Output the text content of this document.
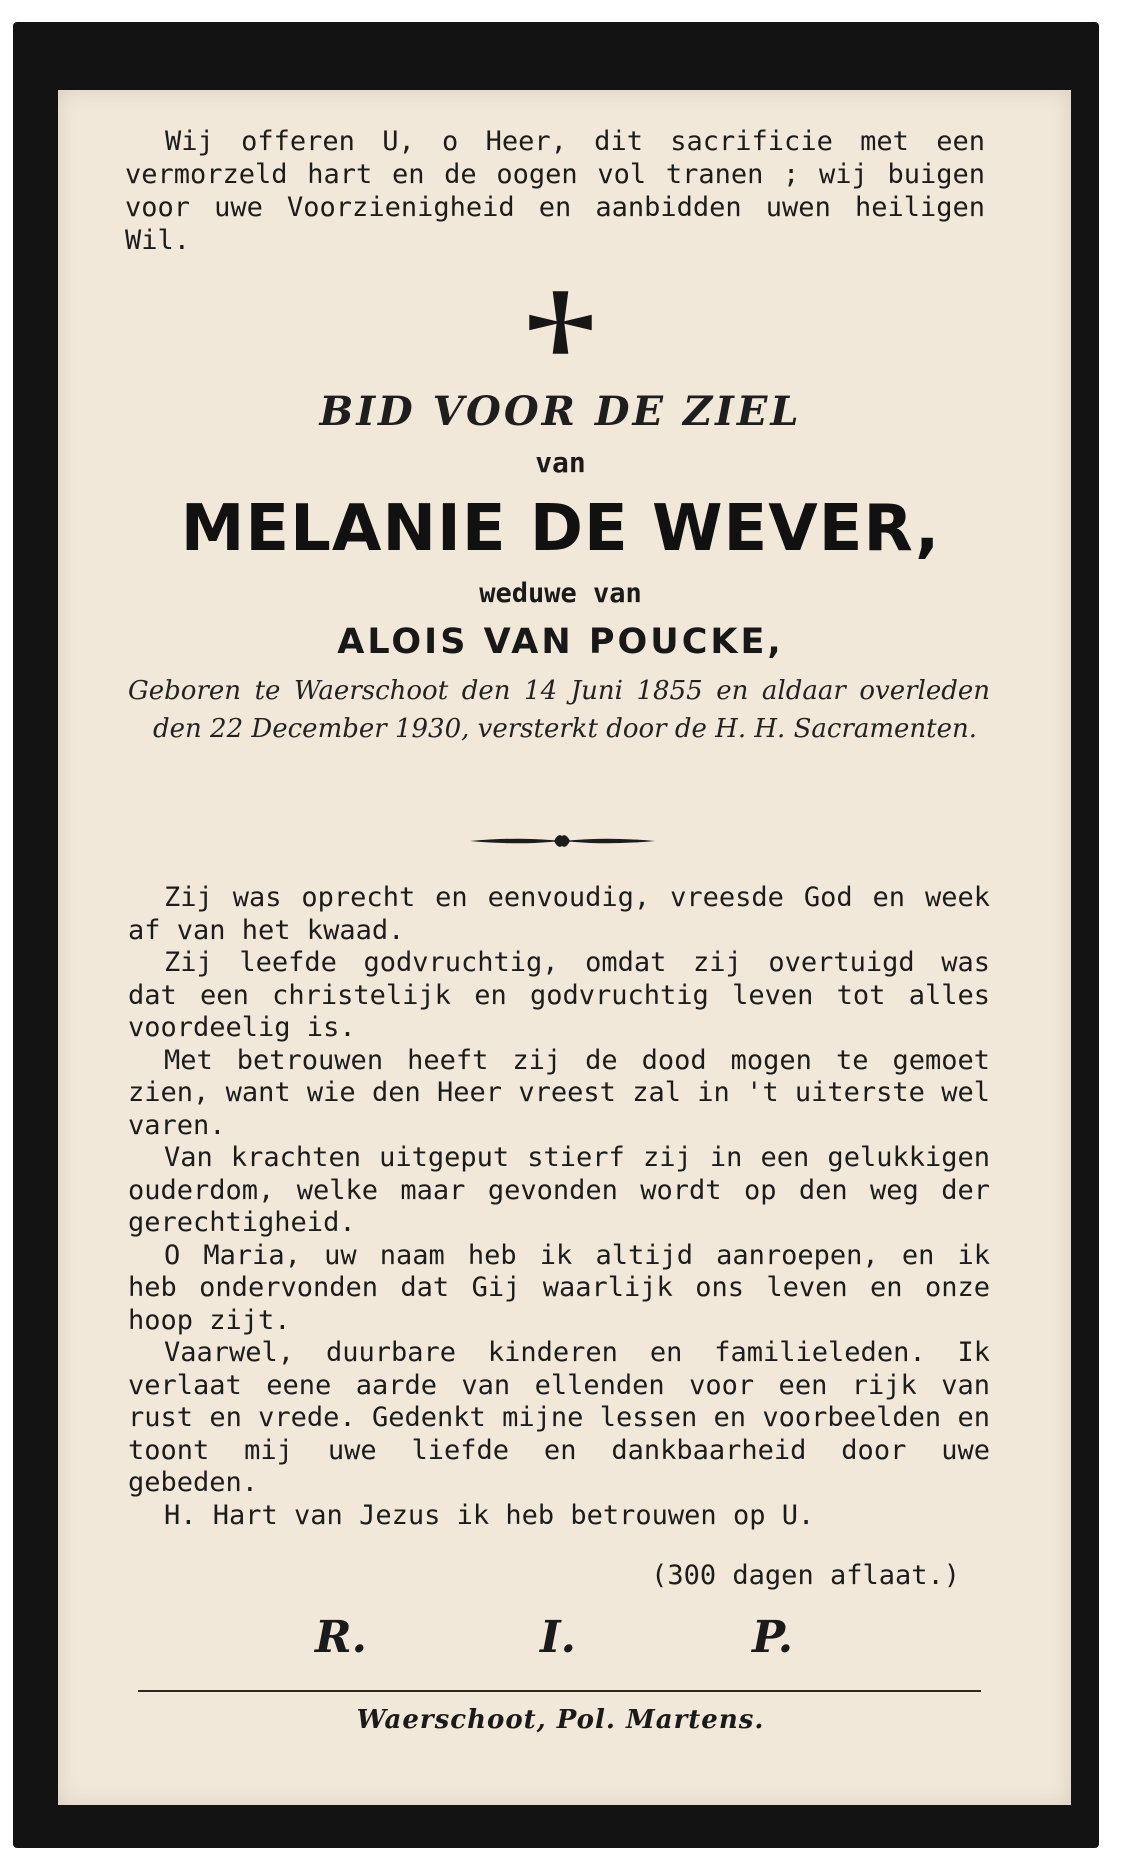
Wij offeren U, o Heer, dit sacrificie met een vermorzeld hart en de oogen vol tranen ; wij buigen voor uwe Voorzienigheid en aanbidden uwen heiligen Wil.

BID VOOR DE ZIEL
van
MELANIE DE WEVER,
weduwe van
ALOIS VAN POUCKE,

Geboren te Waerschoot den 14 Juni 1855 en aldaar overleden den 22 December 1930, versterkt door de H. H. Sacramenten.

Zij was oprecht en eenvoudig, vreesde God en week af van het kwaad.

Zij leefde godvruchtig, omdat zij overtuigd was dat een christelijk en godvruchtig leven tot alles voordeelig is.

Met betrouwen heeft zij de dood mogen te gemoet zien, want wie den Heer vreest zal in 't uiterste wel varen.

Van krachten uitgeput stierf zij in een gelukkigen ouderdom, welke maar gevonden wordt op den weg der gerechtigheid.

O Maria, uw naam heb ik altijd aanroepen, en ik heb ondervonden dat Gij waarlijk ons leven en onze hoop zijt.

Vaarwel, duurbare kinderen en familieleden. Ik verlaat eene aarde van ellenden voor een rijk van rust en vrede. Gedenkt mijne lessen en voorbeelden en toont mij uwe liefde en dankbaarheid door uwe gebeden.

H. Hart van Jezus ik heb betrouwen op U.

(300 dagen aflaat.)
R.	I.	P.
Waerschoot, Pol. Martens.
